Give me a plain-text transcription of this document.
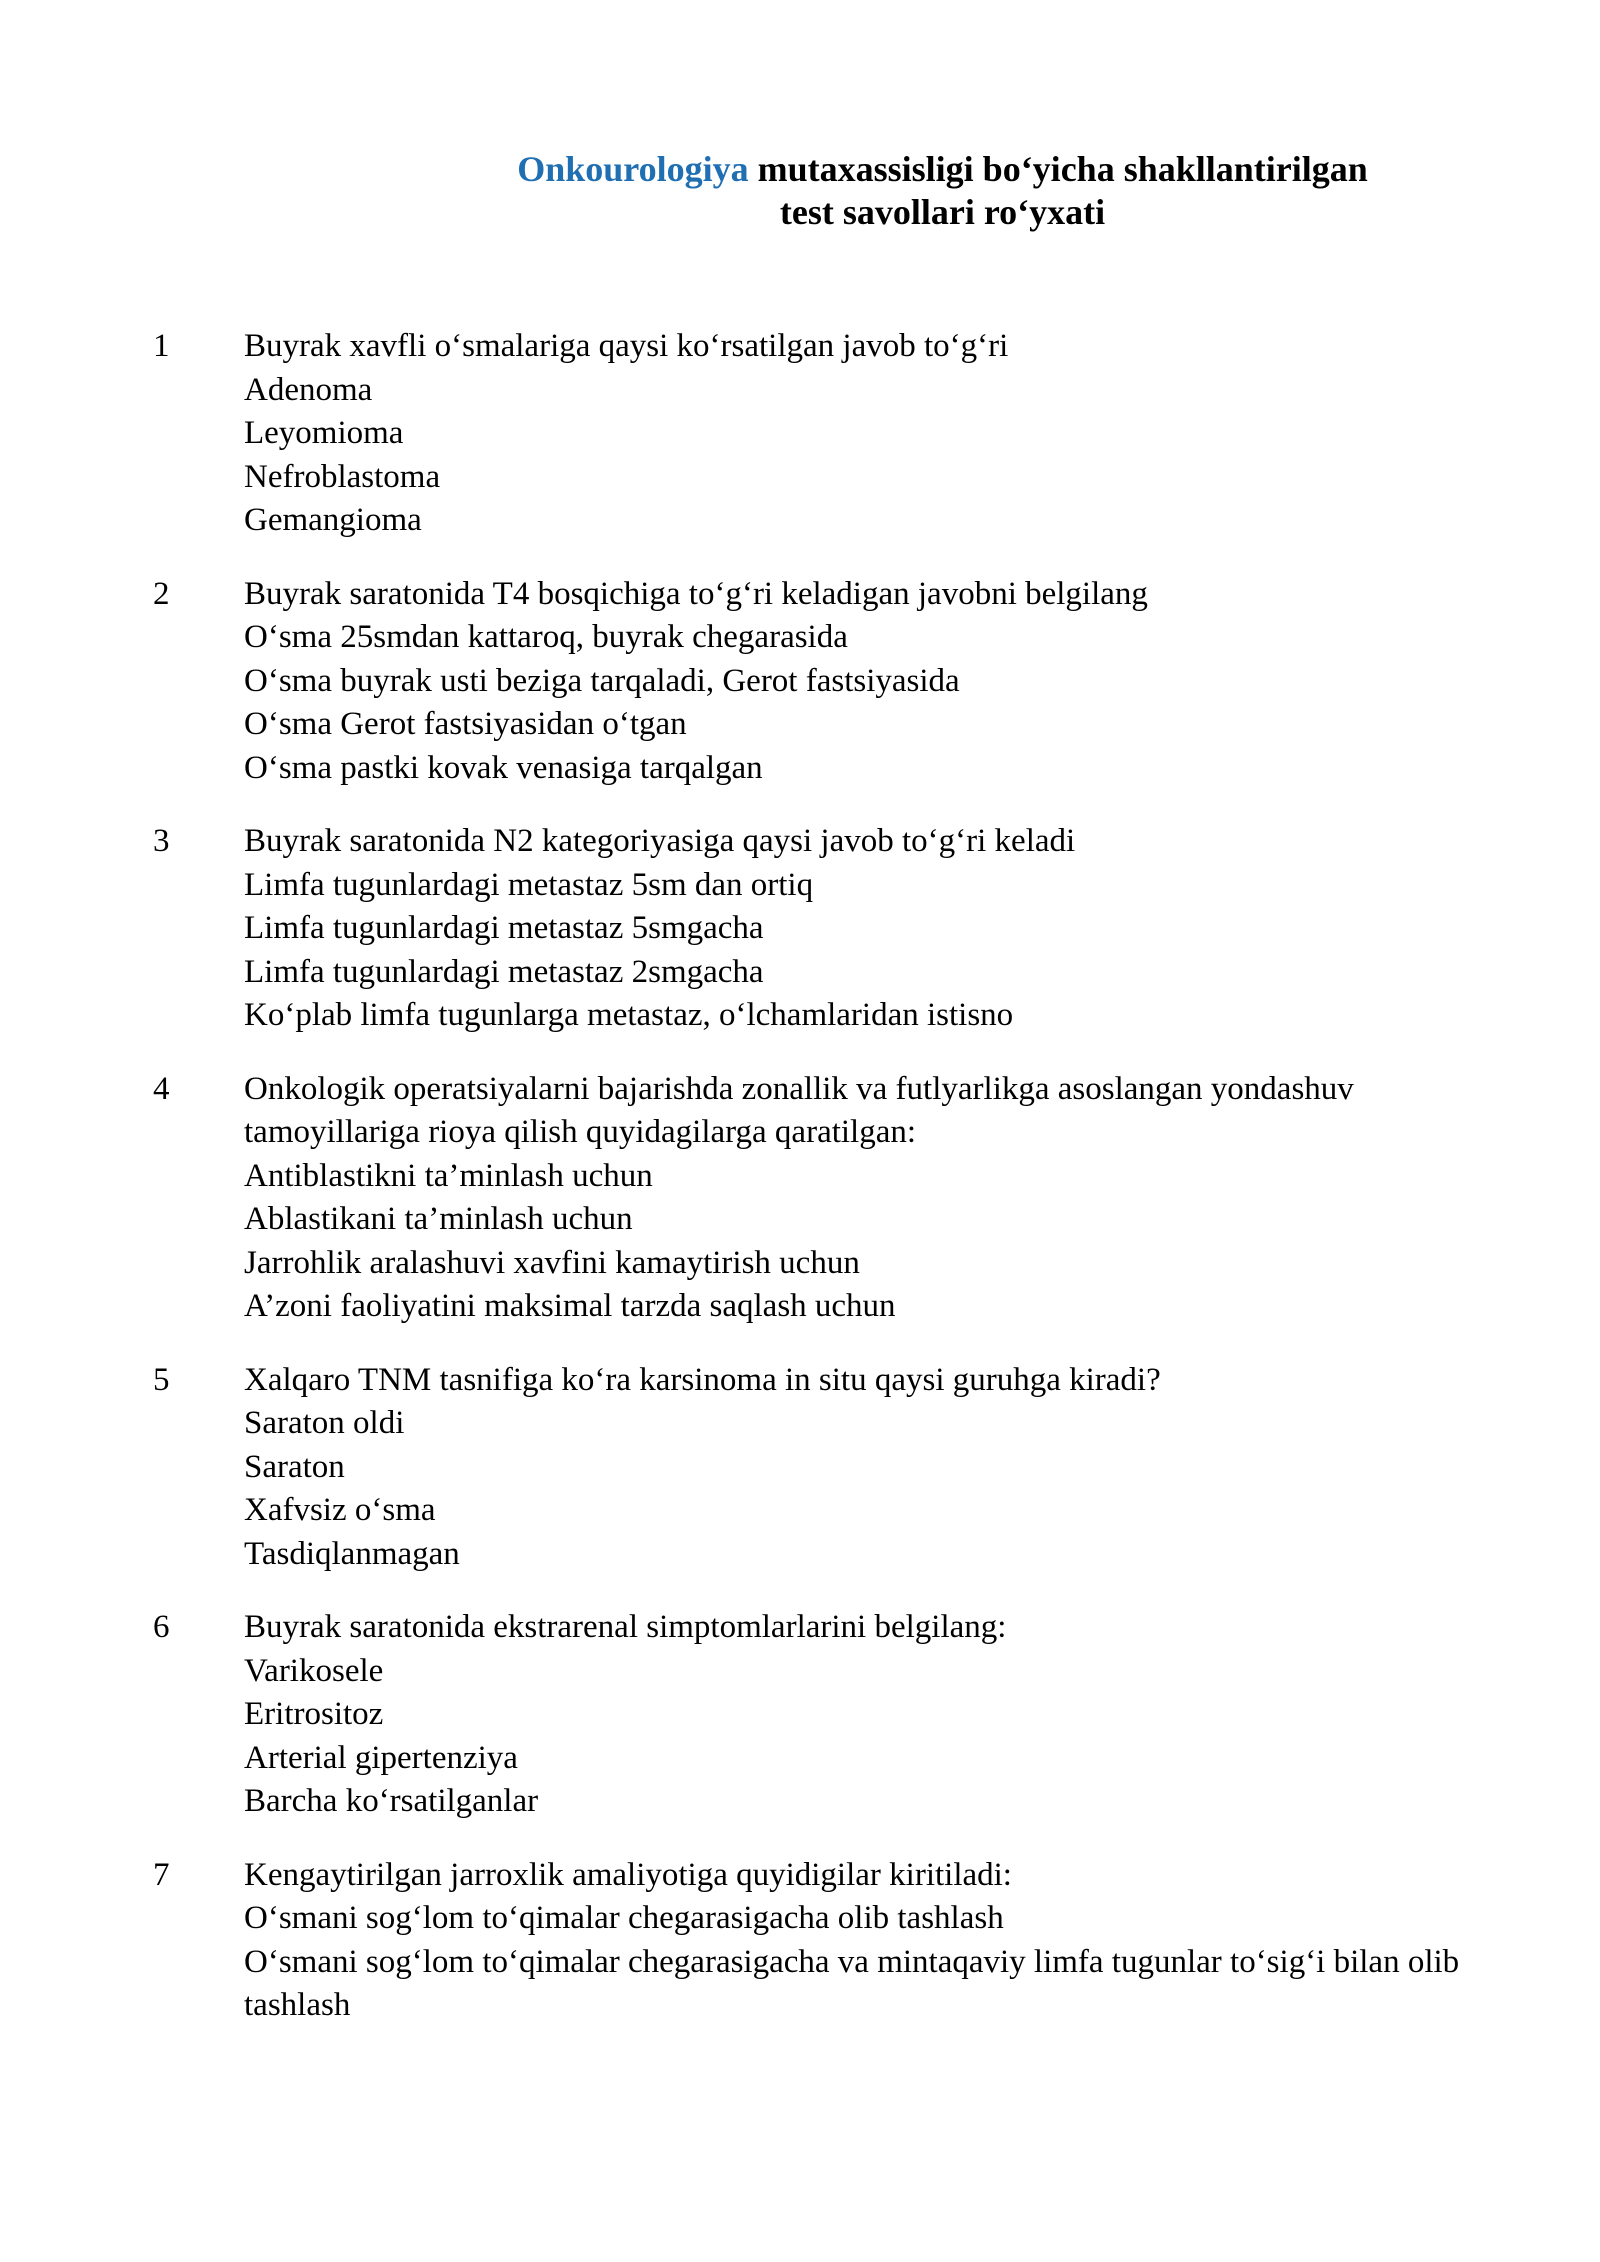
Onkourologiya mutaxassisligi bo‘yicha shakllantirilgan
test savollari ro‘yxati
1 Buyrak xavfli o‘smalariga qaysi ko‘rsatilgan javob to‘g‘ri
Adenoma
Leyomioma
Nefroblastoma
Gemangioma
2 Buyrak saratonida T4 bosqichiga to‘g‘ri keladigan javobni belgilang
O‘sma 25smdan kattaroq, buyrak chegarasida
O‘sma buyrak usti beziga tarqaladi, Gerot fastsiyasida
O‘sma Gerot fastsiyasidan o‘tgan
O‘sma pastki kovak venasiga tarqalgan
3 Buyrak saratonida N2 kategoriyasiga qaysi javob to‘g‘ri keladi
Limfa tugunlardagi metastaz 5sm dan ortiq
Limfa tugunlardagi metastaz 5smgacha
Limfa tugunlardagi metastaz 2smgacha
Ko‘plab limfa tugunlarga metastaz, o‘lchamlaridan istisno
4 Onkologik operatsiyalarni bajarishda zonallik va futlyarlikga asoslangan yondashuv tamoyillariga rioya qilish quyidagilarga qaratilgan:
Antiblastikni ta’minlash uchun
Ablastikani ta’minlash uchun
Jarrohlik aralashuvi xavfini kamaytirish uchun
A’zoni faoliyatini maksimal tarzda saqlash uchun
5 Xalqaro TNM tasnifiga ko‘ra karsinoma in situ qaysi guruhga kiradi?
Saraton oldi
Saraton
Xafvsiz o‘sma
Tasdiqlanmagan
6 Buyrak saratonida ekstrarenal simptomlarlarini belgilang:
Varikosele
Eritrositoz
Arterial gipertenziya
Barcha ko‘rsatilganlar
7 Kengaytirilgan jarroxlik amaliyotiga quyidigilar kiritiladi:
O‘smani sog‘lom to‘qimalar chegarasigacha olib tashlash
O‘smani sog‘lom to‘qimalar chegarasigacha va mintaqaviy limfa tugunlar to‘sig‘i bilan olib tashlash
